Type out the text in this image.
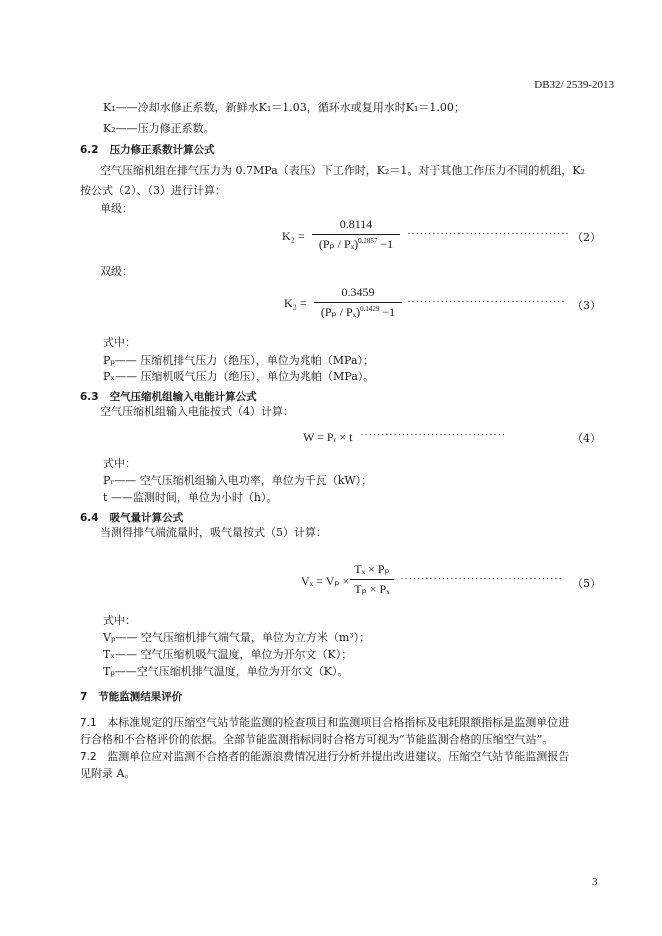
DB32/ 2539-2013
K₁——冷却水修正系数，新鲜水K₁＝1.03，循环水或复用水时K₁＝1.00；
K₂——压力修正系数。
6.2 压力修正系数计算公式
空气压缩机组在排气压力为 0.7MPa（表压）下工作时，K₂＝1。对于其他工作压力不同的机组，K₂
按公式（2）、（3）进行计算：
单级：
K₂ =
0.8114
(Pₚ / Pₓ)$^{0.2857}$ −1
······································· （2）
双级：
K₂ =
0.3459
(Pₚ / Pₓ)$^{0.1429}$ −1
······································ （3）
式中：
Pₚ—— 压缩机排气压力（绝压），单位为兆帕（MPa）；
Pₓ—— 压缩机吸气压力（绝压），单位为兆帕（MPa）。
6.3 空气压缩机组输入电能计算公式
空气压缩机组输入电能按式（4）计算：
W = Pᵣ × t ···································	（4）
式中：
Pᵣ—— 空气压缩机组输入电功率，单位为千瓦（kW）；
t ——监测时间，单位为小时（h）。
6.4 吸气量计算公式
当测得排气端流量时，吸气量按式（5）计算：
Vₓ = Vₚ ×
Tₓ × Pₚ
Tₚ × Pₓ
······································· （5）
式中：
Vₚ—— 空气压缩机排气端气量，单位为立方米（m³）；
Tₓ—— 空气压缩机吸气温度，单位为开尔文（K）；
Tₚ——空气压缩机排气温度，单位为开尔文（K）。
7 节能监测结果评价
7.1 本标准规定的压缩空气站节能监测的检查项目和监测项目合格指标及电耗限额指标是监测单位进
行合格和不合格评价的依据。全部节能监测指标同时合格方可视为“节能监测合格的压缩空气站”。
7.2 监测单位应对监测不合格者的能源浪费情况进行分析并提出改进建议。压缩空气站节能监测报告
见附录 A。
3
